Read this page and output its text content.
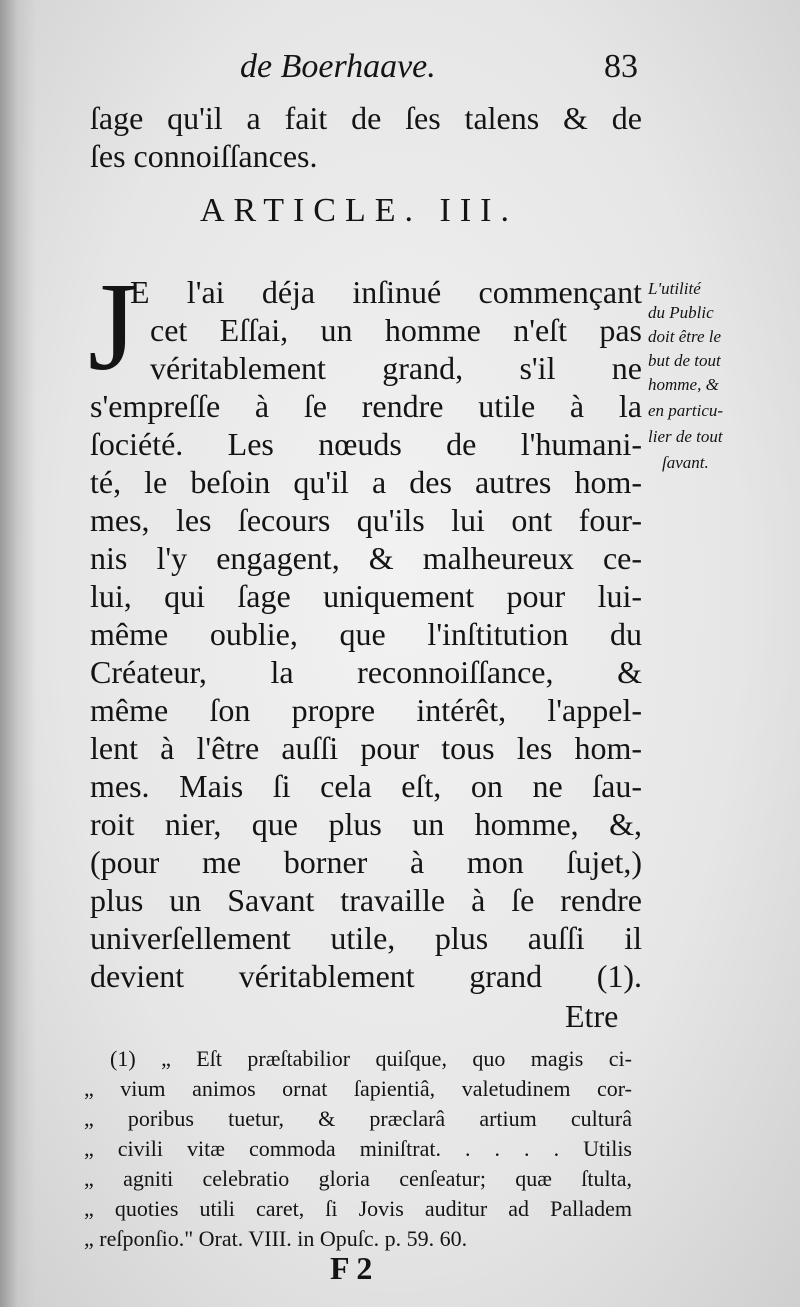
de Boerhaave.	83
ſage qu'il a fait de ſes talens & de
ſes connoiſſances.
ARTICLE. III.
J
E l'ai déja inſinué commençant
cet Eſſai, un homme n'eſt pas
véritablement grand, s'il ne
s'empreſſe à ſe rendre utile à la
ſociété. Les nœuds de l'humani-
té, le beſoin qu'il a des autres hom-
mes, les ſecours qu'ils lui ont four-
nis l'y engagent, & malheureux ce-
lui, qui ſage uniquement pour lui-
même oublie, que l'inſtitution du
Créateur, la reconnoiſſance, &
même ſon propre intérêt, l'appel-
lent à l'être auſſi pour tous les hom-
mes. Mais ſi cela eſt, on ne ſau-
roit nier, que plus un homme, &,
(pour me borner à mon ſujet,)
plus un Savant travaille à ſe rendre
univerſellement utile, plus auſſi il
devient véritablement grand (1).
L'utilité
du Public
doit être le
but de tout
homme, &
en particu-
lier de tout
ſavant.
Etre
(1) „ Eſt præſtabilior quiſque, quo magis ci-
„ vium animos ornat ſapientiâ, valetudinem cor-
„ poribus tuetur, & præclarâ artium culturâ
„ civili vitæ commoda miniſtrat. . . . . Utilis
„ agniti celebratio gloria cenſeatur; quæ ſtulta,
„ quoties utili caret, ſi Jovis auditur ad Palladem
„ reſponſio." Orat. VIII. in Opuſc. p. 59. 60.
F 2
